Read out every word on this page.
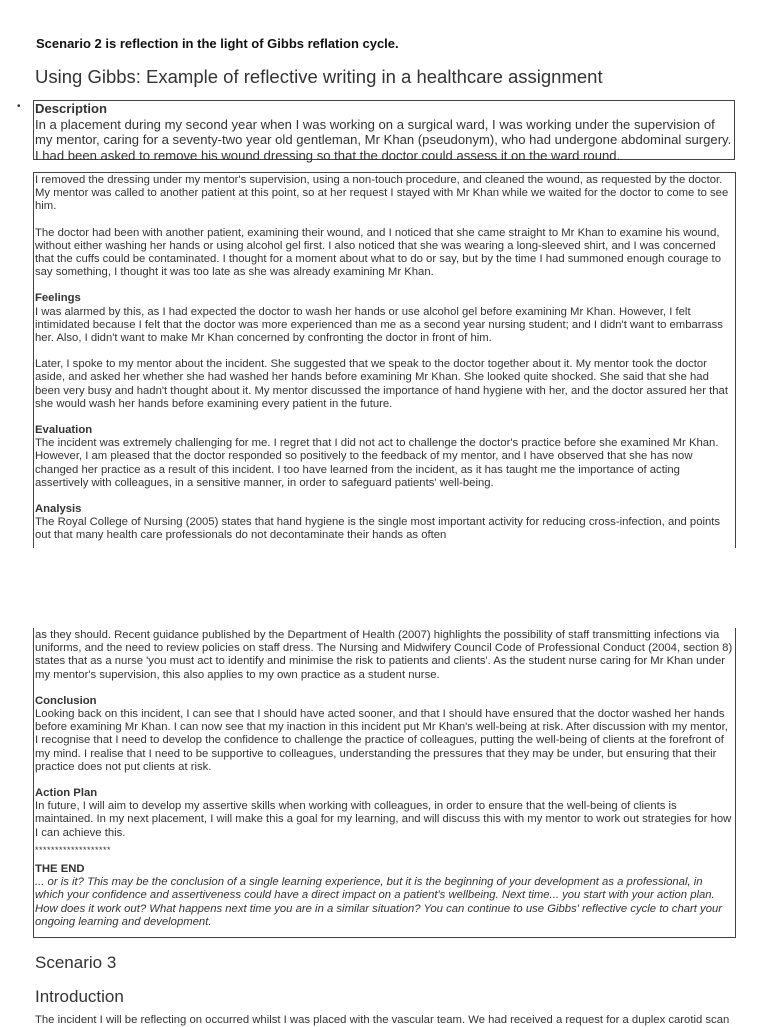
Scenario 2 is reflection in the light of Gibbs reflation cycle.
Using Gibbs: Example of reflective writing in a healthcare assignment
• Description
In a placement during my second year when I was working on a surgical ward, I was working under the supervision of my mentor, caring for a seventy-two year old gentleman, Mr Khan (pseudonym), who had undergone abdominal surgery. I had been asked to remove his wound dressing so that the doctor could assess it on the ward round.

I removed the dressing under my mentor's supervision, using a non-touch procedure, and cleaned the wound, as requested by the doctor. My mentor was called to another patient at this point, so at her request I stayed with Mr Khan while we waited for the doctor to come to see him.

The doctor had been with another patient, examining their wound, and I noticed that she came straight to Mr Khan to examine his wound, without either washing her hands or using alcohol gel first. I also noticed that she was wearing a long-sleeved shirt, and I was concerned that the cuffs could be contaminated. I thought for a moment about what to do or say, but by the time I had summoned enough courage to say something, I thought it was too late as she was already examining Mr Khan.

Feelings
I was alarmed by this, as I had expected the doctor to wash her hands or use alcohol gel before examining Mr Khan. However, I felt intimidated because I felt that the doctor was more experienced than me as a second year nursing student; and I didn't want to embarrass her. Also, I didn't want to make Mr Khan concerned by confronting the doctor in front of him.

Later, I spoke to my mentor about the incident. She suggested that we speak to the doctor together about it. My mentor took the doctor aside, and asked her whether she had washed her hands before examining Mr Khan. She looked quite shocked. She said that she had been very busy and hadn't thought about it. My mentor discussed the importance of hand hygiene with her, and the doctor assured her that she would wash her hands before examining every patient in the future.

Evaluation
The incident was extremely challenging for me. I regret that I did not act to challenge the doctor's practice before she examined Mr Khan. However, I am pleased that the doctor responded so positively to the feedback of my mentor, and I have observed that she has now changed her practice as a result of this incident. I too have learned from the incident, as it has taught me the importance of acting assertively with colleagues, in a sensitive manner, in order to safeguard patients' well-being.

Analysis
The Royal College of Nursing (2005) states that hand hygiene is the single most important activity for reducing cross-infection, and points out that many health care professionals do not decontaminate their hands as often

as they should. Recent guidance published by the Department of Health (2007) highlights the possibility of staff transmitting infections via uniforms, and the need to review policies on staff dress. The Nursing and Midwifery Council Code of Professional Conduct (2004, section 8) states that as a nurse 'you must act to identify and minimise the risk to patients and clients'. As the student nurse caring for Mr Khan under my mentor's supervision, this also applies to my own practice as a student nurse.

Conclusion
Looking back on this incident, I can see that I should have acted sooner, and that I should have ensured that the doctor washed her hands before examining Mr Khan. I can now see that my inaction in this incident put Mr Khan's well-being at risk. After discussion with my mentor, I recognise that I need to develop the confidence to challenge the practice of colleagues, putting the well-being of clients at the forefront of my mind. I realise that I need to be supportive to colleagues, understanding the pressures that they may be under, but ensuring that their practice does not put clients at risk.

Action Plan
In future, I will aim to develop my assertive skills when working with colleagues, in order to ensure that the well-being of clients is maintained. In my next placement, I will make this a goal for my learning, and will discuss this with my mentor to work out strategies for how I can achieve this.

*******************

THE END
... or is it? This may be the conclusion of a single learning experience, but it is the beginning of your development as a professional, in which your confidence and assertiveness could have a direct impact on a patient's wellbeing. Next time... you start with your action plan. How does it work out? What happens next time you are in a similar situation? You can continue to use Gibbs' reflective cycle to chart your ongoing learning and development.

Scenario 3
Introduction
The incident I will be reflecting on occurred whilst I was placed with the vascular team. We had received a request for a duplex carotid scan
